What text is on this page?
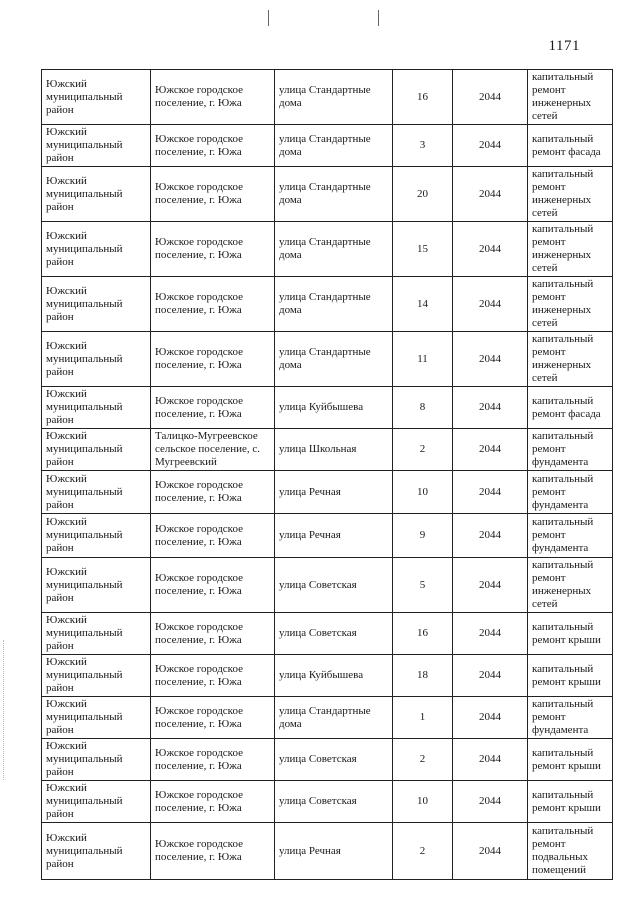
1171
Южский муниципальный район	Южское городское поселение, г. Южа	улица Стандартные дома	16	2044	капитальный ремонт инженерных сетей
Южский муниципальный район	Южское городское поселение, г. Южа	улица Стандартные дома	3	2044	капитальный ремонт фасада
Южский муниципальный район	Южское городское поселение, г. Южа	улица Стандартные дома	20	2044	капитальный ремонт инженерных сетей
Южский муниципальный район	Южское городское поселение, г. Южа	улица Стандартные дома	15	2044	капитальный ремонт инженерных сетей
Южский муниципальный район	Южское городское поселение, г. Южа	улица Стандартные дома	14	2044	капитальный ремонт инженерных сетей
Южский муниципальный район	Южское городское поселение, г. Южа	улица Стандартные дома	11	2044	капитальный ремонт инженерных сетей
Южский муниципальный район	Южское городское поселение, г. Южа	улица Куйбышева	8	2044	капитальный ремонт фасада
Южский муниципальный район	Талицко-Мугреевское сельское поселение, с. Мугреевский	улица Школьная	2	2044	капитальный ремонт фундамента
Южский муниципальный район	Южское городское поселение, г. Южа	улица Речная	10	2044	капитальный ремонт фундамента
Южский муниципальный район	Южское городское поселение, г. Южа	улица Речная	9	2044	капитальный ремонт фундамента
Южский муниципальный район	Южское городское поселение, г. Южа	улица Советская	5	2044	капитальный ремонт инженерных сетей
Южский муниципальный район	Южское городское поселение, г. Южа	улица Советская	16	2044	капитальный ремонт крыши
Южский муниципальный район	Южское городское поселение, г. Южа	улица Куйбышева	18	2044	капитальный ремонт крыши
Южский муниципальный район	Южское городское поселение, г. Южа	улица Стандартные дома	1	2044	капитальный ремонт фундамента
Южский муниципальный район	Южское городское поселение, г. Южа	улица Советская	2	2044	капитальный ремонт крыши
Южский муниципальный район	Южское городское поселение, г. Южа	улица Советская	10	2044	капитальный ремонт крыши
Южский муниципальный район	Южское городское поселение, г. Южа	улица Речная	2	2044	капитальный ремонт подвальных помещений
